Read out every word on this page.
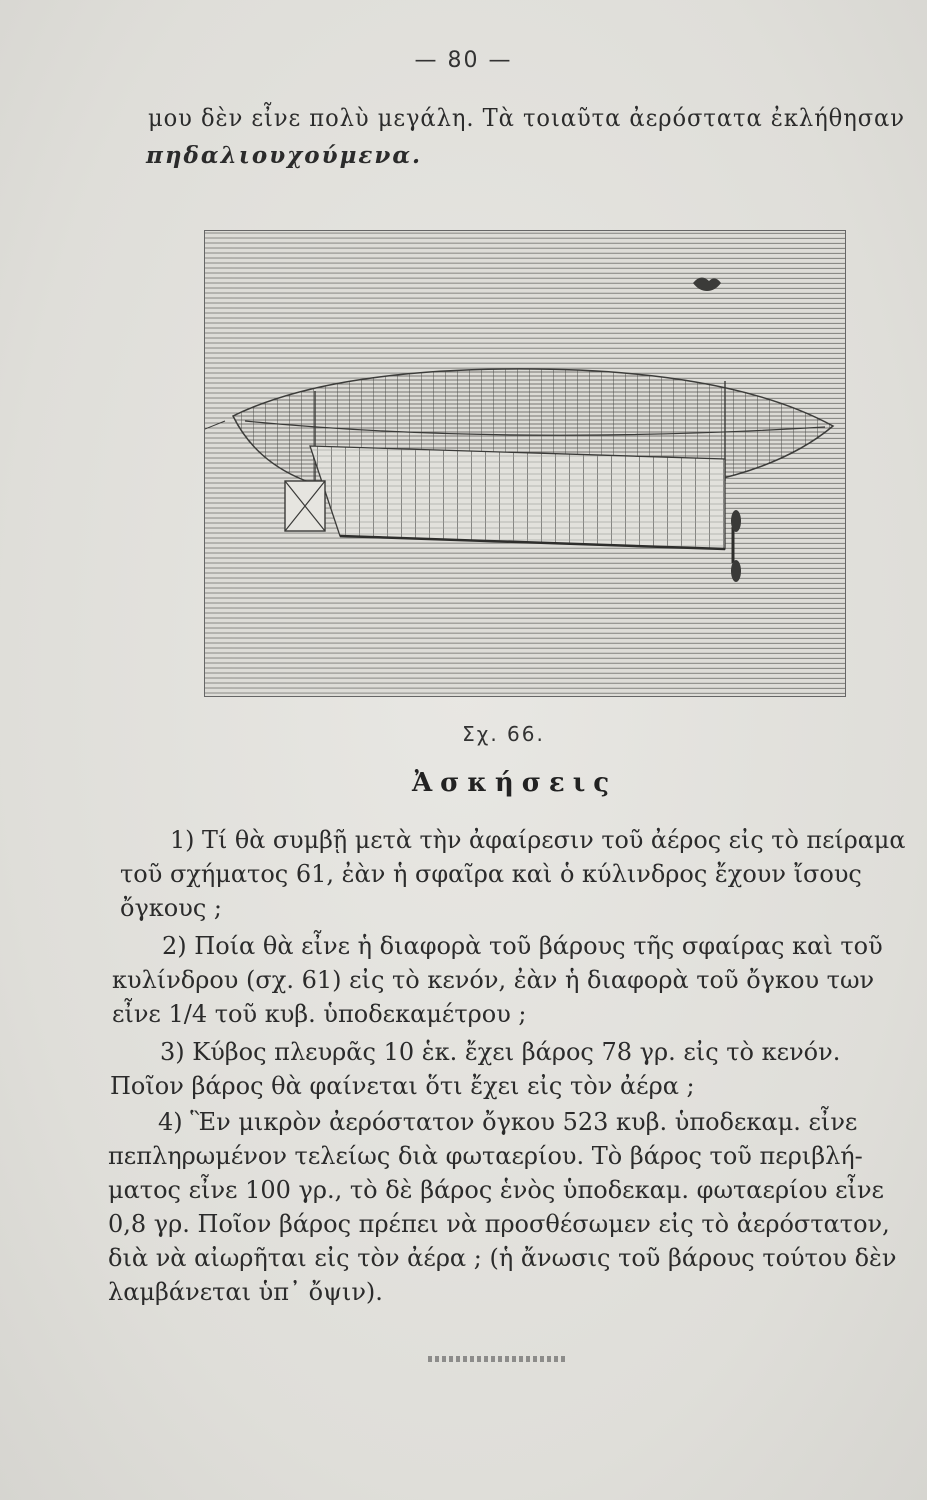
— 80 —
μου δὲν εἶνε πολὺ μεγάλη. Τὰ τοιαῦτα ἀερόστατα ἐκλήθησαν
πηδαλιουχούμενα.
Σχ. 66.
Ἀσκήσεις
1) Τί θὰ συμβῇ μετὰ τὴν ἀφαίρεσιν τοῦ ἀέρος εἰς τὸ πείραμα
τοῦ σχήματος 61, ἐὰν ἡ σφαῖρα καὶ ὁ κύλινδρος ἔχουν ἴσους
ὄγκους ;
2) Ποία θὰ εἶνε ἡ διαφορὰ τοῦ βάρους τῆς σφαίρας καὶ τοῦ
κυλίνδρου (σχ. 61) εἰς τὸ κενόν, ἐὰν ἡ διαφορὰ τοῦ ὄγκου των
εἶνε 1/4 τοῦ κυβ. ὑποδεκαμέτρου ;
3) Κύβος πλευρᾶς 10 ἑκ. ἔχει βάρος 78 γρ. εἰς τὸ κενόν.
Ποῖον βάρος θὰ φαίνεται ὅτι ἔχει εἰς τὸν ἀέρα ;
4) Ἓν μικρὸν ἀερόστατον ὄγκου 523 κυβ. ὑποδεκαμ. εἶνε
πεπληρωμένον τελείως διὰ φωταερίου. Τὸ βάρος τοῦ περιβλή-
ματος εἶνε 100 γρ., τὸ δὲ βάρος ἑνὸς ὑποδεκαμ. φωταερίου εἶνε
0,8 γρ. Ποῖον βάρος πρέπει νὰ προσθέσωμεν εἰς τὸ ἀερόστατον,
διὰ νὰ αἰωρῆται εἰς τὸν ἀέρα ; (ἡ ἄνωσις τοῦ βάρους τούτου δὲν
λαμβάνεται ὑπ᾽ ὄψιν).
